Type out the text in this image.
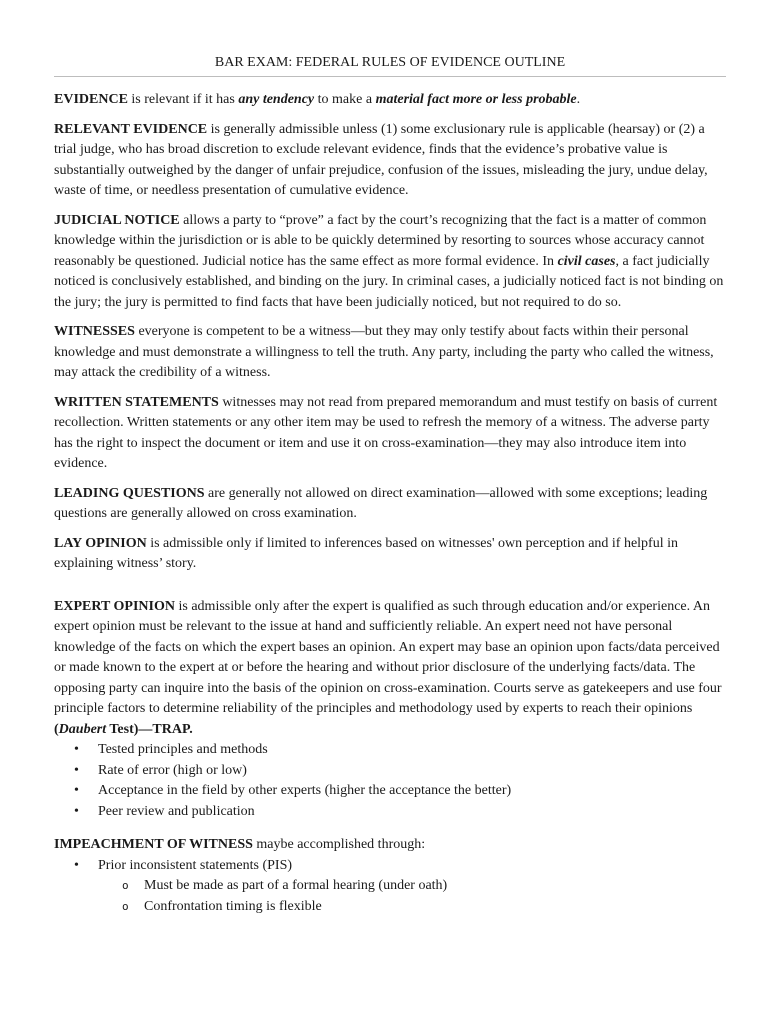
BAR EXAM: FEDERAL RULES OF EVIDENCE OUTLINE

EVIDENCE is relevant if it has any tendency to make a material fact more or less probable.

RELEVANT EVIDENCE is generally admissible unless (1) some exclusionary rule is applicable (hearsay) or (2) a trial judge, who has broad discretion to exclude relevant evidence, finds that the evidence’s probative value is substantially outweighed by the danger of unfair prejudice, confusion of the issues, misleading the jury, undue delay, waste of time, or needless presentation of cumulative evidence.

JUDICIAL NOTICE allows a party to “prove” a fact by the court’s recognizing that the fact is a matter of common knowledge within the jurisdiction or is able to be quickly determined by resorting to sources whose accuracy cannot reasonably be questioned. Judicial notice has the same effect as more formal evidence. In civil cases, a fact judicially noticed is conclusively established, and binding on the jury. In criminal cases, a judicially noticed fact is not binding on the jury; the jury is permitted to find facts that have been judicially noticed, but not required to do so.

WITNESSES everyone is competent to be a witness—but they may only testify about facts within their personal knowledge and must demonstrate a willingness to tell the truth. Any party, including the party who called the witness, may attack the credibility of a witness.

WRITTEN STATEMENTS witnesses may not read from prepared memorandum and must testify on basis of current recollection. Written statements or any other item may be used to refresh the memory of a witness. The adverse party has the right to inspect the document or item and use it on cross-examination—they may also introduce item into evidence.

LEADING QUESTIONS are generally not allowed on direct examination—allowed with some exceptions; leading questions are generally allowed on cross examination.

LAY OPINION is admissible only if limited to inferences based on witnesses' own perception and if helpful in explaining witness’ story.

EXPERT OPINION is admissible only after the expert is qualified as such through education and/or experience. An expert opinion must be relevant to the issue at hand and sufficiently reliable. An expert need not have personal knowledge of the facts on which the expert bases an opinion. An expert may base an opinion upon facts/data perceived or made known to the expert at or before the hearing and without prior disclosure of the underlying facts/data. The opposing party can inquire into the basis of the opinion on cross-examination. Courts serve as gatekeepers and use four principle factors to determine reliability of the principles and methodology used by experts to reach their opinions (Daubert Test)—TRAP.

• Tested principles and methods
• Rate of error (high or low)
• Acceptance in the field by other experts (higher the acceptance the better)
• Peer review and publication

IMPEACHMENT OF WITNESS maybe accomplished through:

• Prior inconsistent statements (PIS)
o Must be made as part of a formal hearing (under oath)
o Confrontation timing is flexible
